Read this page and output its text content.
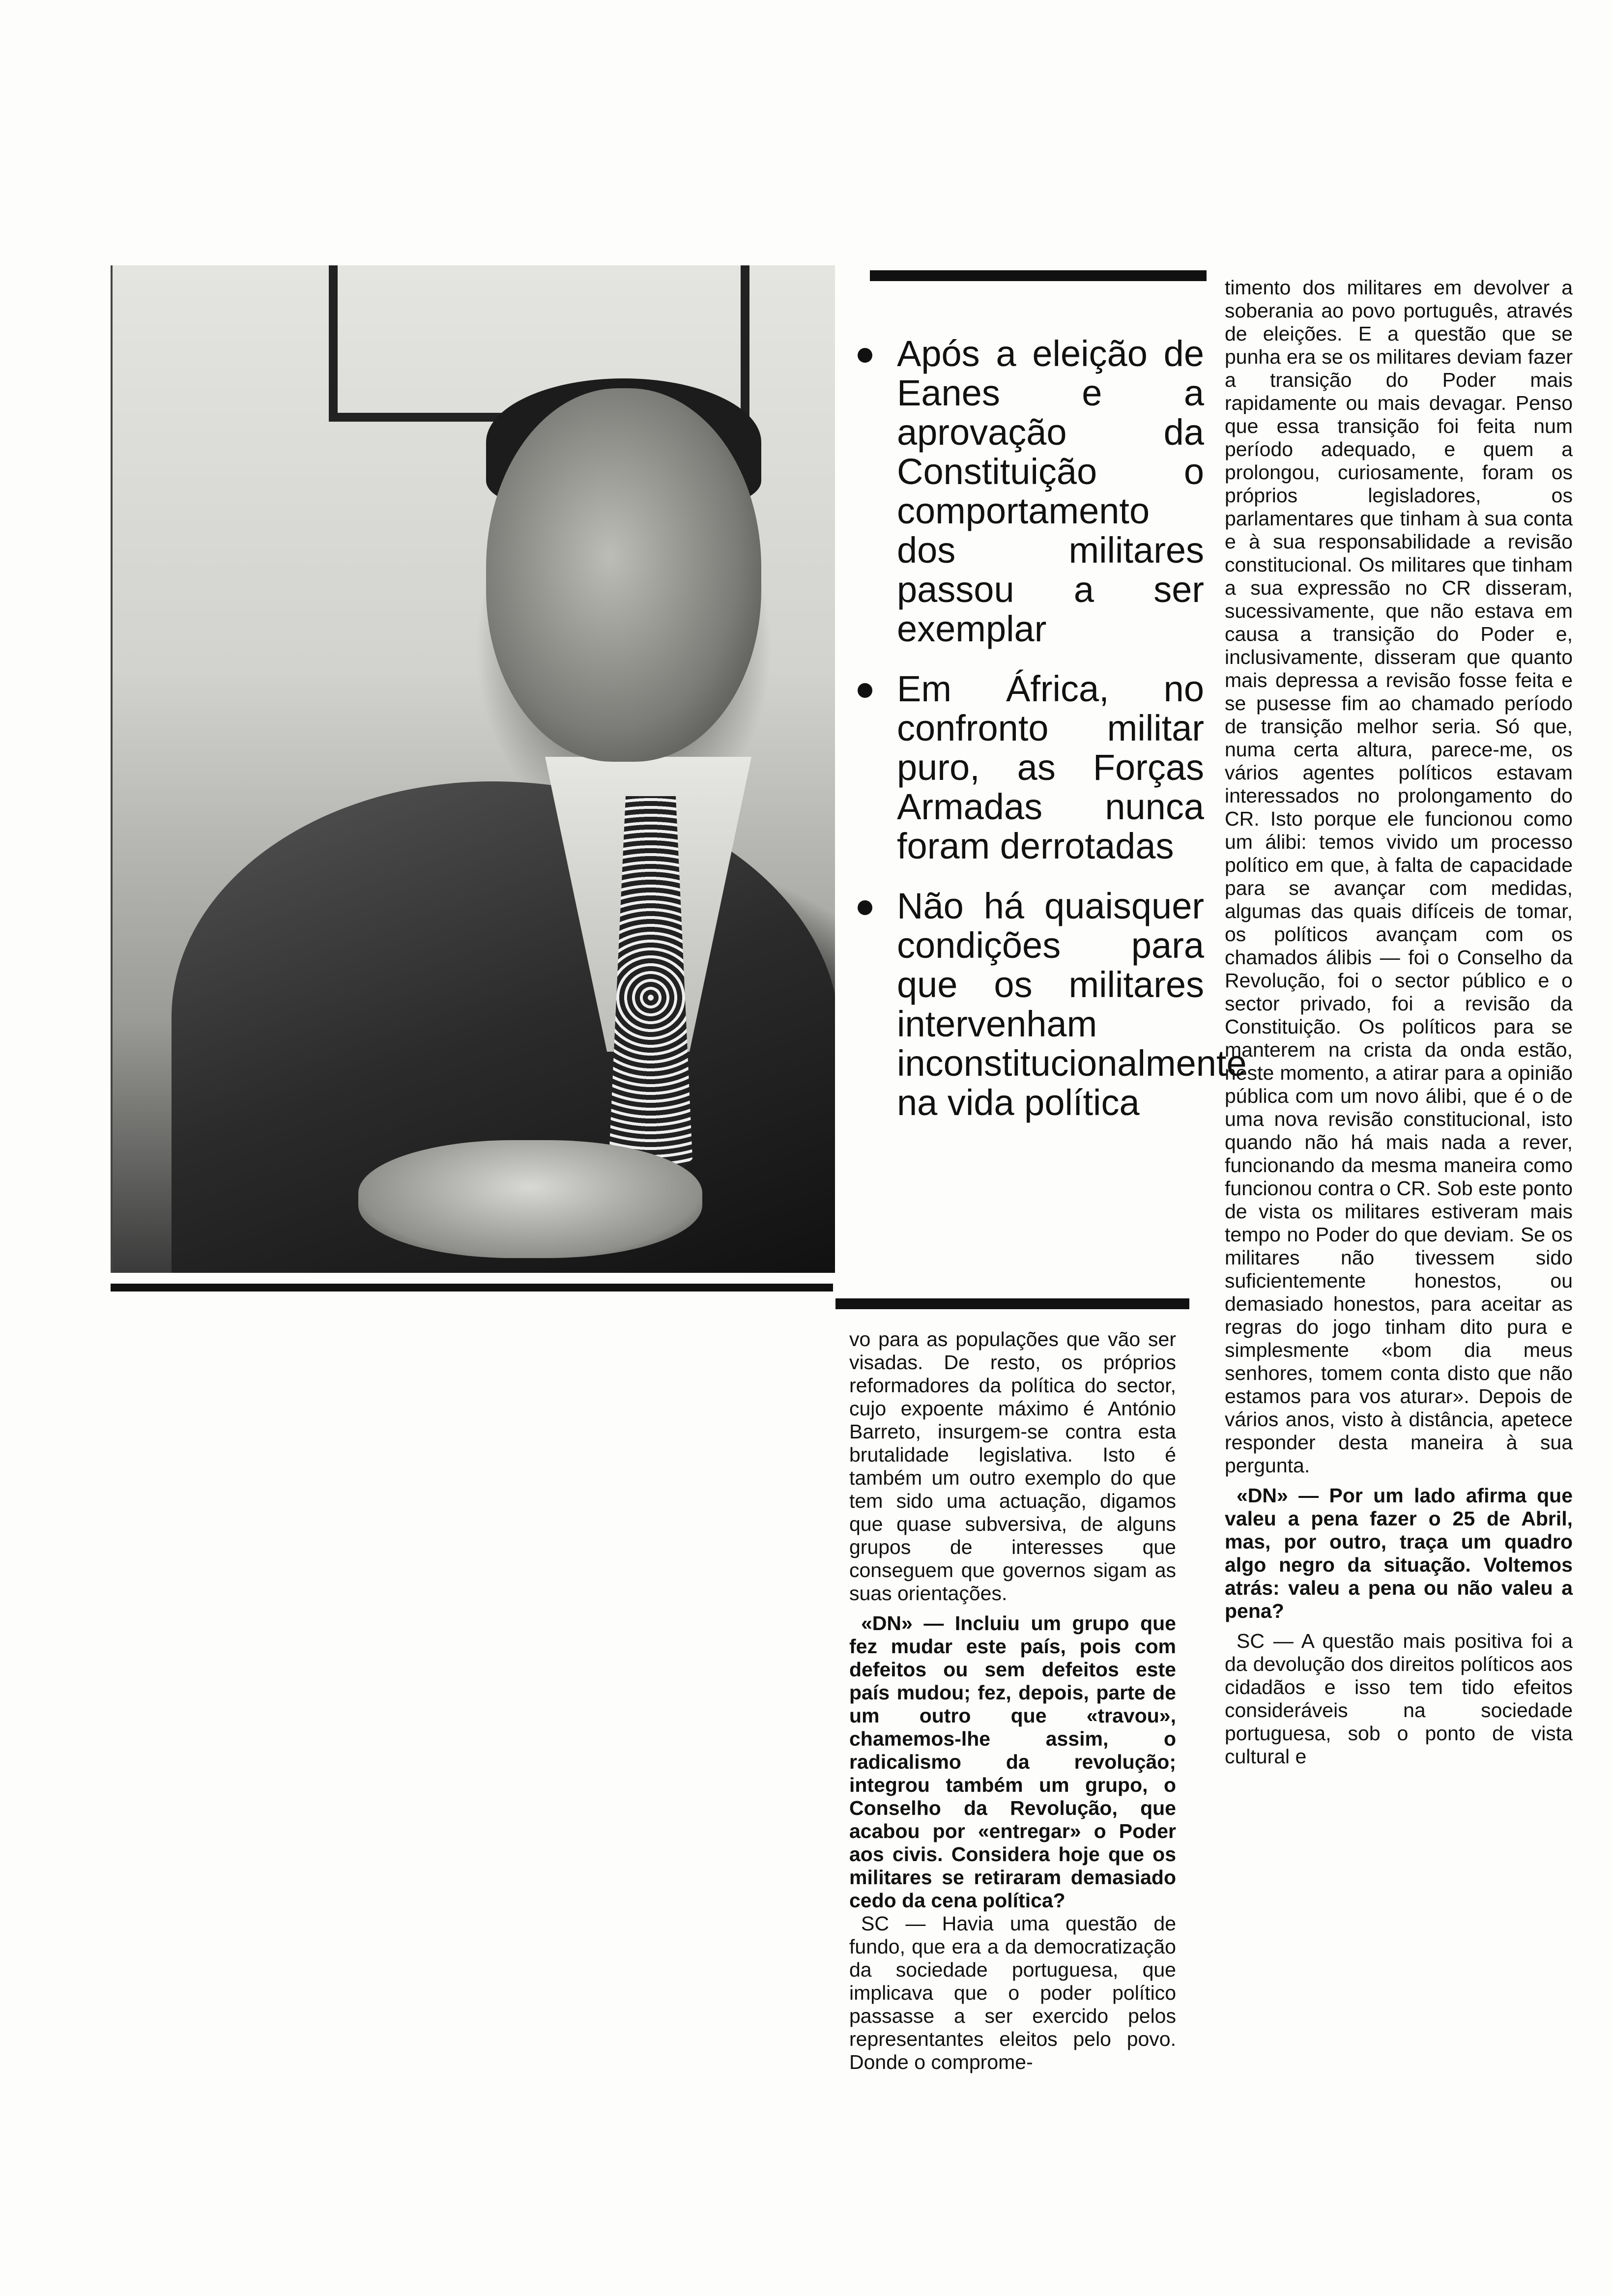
Após a eleição de Eanes e a aprovação da Constituição o comportamento dos militares passou a ser exemplar

Em África, no confronto militar puro, as Forças Armadas nunca foram derrotadas

Não há quaisquer condições para que os militares intervenham inconstitucionalmente na vida política

vo para as populações que vão ser visadas. De resto, os próprios reformadores da política do sector, cujo expoente máximo é António Barreto, insurgem-se contra esta brutalidade legislativa. Isto é também um outro exemplo do que tem sido uma actuação, digamos que quase subversiva, de alguns grupos de interesses que conseguem que governos sigam as suas orientações.

«DN» — Incluiu um grupo que fez mudar este país, pois com defeitos ou sem defeitos este país mudou; fez, depois, parte de um outro que «travou», chamemos-lhe assim, o radicalismo da revolução; integrou também um grupo, o Conselho da Revolução, que acabou por «entregar» o Poder aos civis. Considera hoje que os militares se retiraram demasiado cedo da cena política?

SC — Havia uma questão de fundo, que era a da democratização da sociedade portuguesa, que implicava que o poder político passasse a ser exercido pelos representantes eleitos pelo povo. Donde o comprome-

timento dos militares em devolver a soberania ao povo português, através de eleições. E a questão que se punha era se os militares deviam fazer a transição do Poder mais rapidamente ou mais devagar. Penso que essa transição foi feita num período adequado, e quem a prolongou, curiosamente, foram os próprios legisladores, os parlamentares que tinham à sua conta e à sua responsabilidade a revisão constitucional. Os militares que tinham a sua expressão no CR disseram, sucessivamente, que não estava em causa a transição do Poder e, inclusivamente, disseram que quanto mais depressa a revisão fosse feita e se pusesse fim ao chamado período de transição melhor seria. Só que, numa certa altura, parece-me, os vários agentes políticos estavam interessados no prolongamento do CR. Isto porque ele funcionou como um álibi: temos vivido um processo político em que, à falta de capacidade para se avançar com medidas, algumas das quais difíceis de tomar, os políticos avançam com os chamados álibis — foi o Conselho da Revolução, foi o sector público e o sector privado, foi a revisão da Constituição. Os políticos para se manterem na crista da onda estão, neste momento, a atirar para a opinião pública com um novo álibi, que é o de uma nova revisão constitucional, isto quando não há mais nada a rever, funcionando da mesma maneira como funcionou contra o CR. Sob este ponto de vista os militares estiveram mais tempo no Poder do que deviam. Se os militares não tivessem sido suficientemente honestos, ou demasiado honestos, para aceitar as regras do jogo tinham dito pura e simplesmente «bom dia meus senhores, tomem conta disto que não estamos para vos aturar». Depois de vários anos, visto à distância, apetece responder desta maneira à sua pergunta.

«DN» — Por um lado afirma que valeu a pena fazer o 25 de Abril, mas, por outro, traça um quadro algo negro da situação. Voltemos atrás: valeu a pena ou não valeu a pena?

SC — A questão mais positiva foi a da devolução dos direitos políticos aos cidadãos e isso tem tido efeitos consideráveis na sociedade portuguesa, sob o ponto de vista cultural e
